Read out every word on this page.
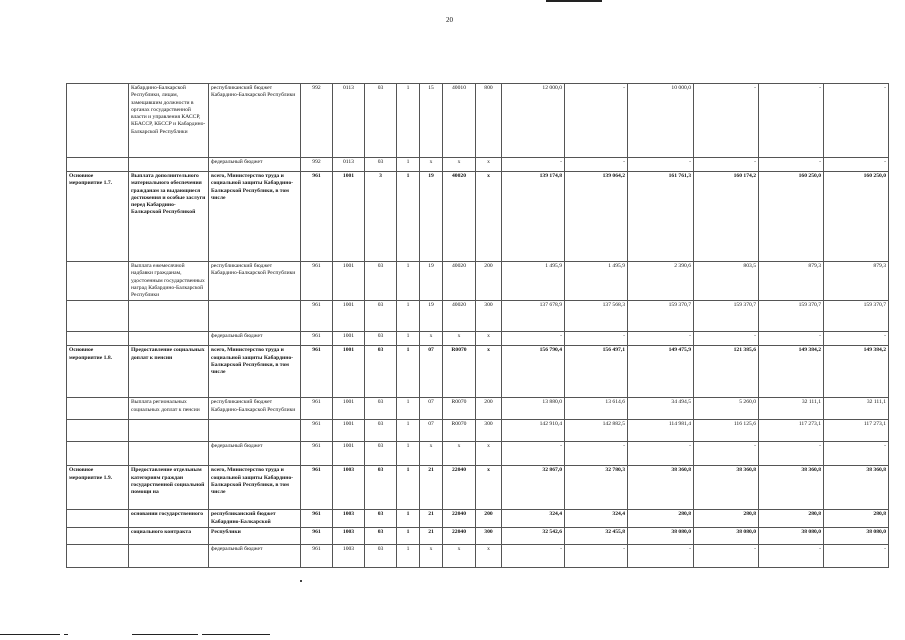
20
	Кабардино-Балкарской Республики, лицам, замещавшим должности в органах государственной власти и управления КАССР, КБАССР, КБССР и Кабардино-Балкарской Республики	республиканский бюджет Кабардино-Балкарской Республики	992	0113	03	1	15	40010	800	12 000,0	-	10 000,0	-	-	-
		федеральный бюджет	992	0113	03	1	х	х	х	-	-	-	-	-	-
Основное мероприятие 1.7.	Выплата дополнительного материального обеспечения гражданам за выдающиеся достижения и особые заслуги перед Кабардино-Балкарской Республикой	всего, Министерство труда и социальной защиты Кабардино-Балкарской Республики, в том числе	961	1001	3	1	19	40020	х	139 174,8	139 064,2	161 761,3	160 174,2	160 250,0	160 250,0
	Выплата ежемесячной надбавки гражданам, удостоенным государственных наград Кабардино-Балкарской Республики	республиканский бюджет Кабардино-Балкарской Республики	961	1001	03	1	19	40020	200	1 495,9	1 495,9	2 390,6	803,5	879,3	879,3
			961	1001	03	1	19	40020	300	137 678,9	137 568,3	159 370,7	159 370,7	159 370,7	159 370,7
		федеральный бюджет	961	1001	03	1	х	х	х	-	-	-	-	-	-
Основное мероприятие 1.8.	Предоставление социальных доплат к пенсии	всего, Министерство труда и социальной защиты Кабардино-Балкарской Республики, в том числе	961	1001	03	1	07	R0070	х	156 790,4	156 497,1	149 475,9	121 385,6	149 384,2	149 384,2
	Выплата региональных социальных доплат к пенсии	республиканский бюджет Кабардино-Балкарской Республики	961	1001	03	1	07	R0070	200	13 880,0	13 614,6	34 494,5	5 260,0	32 111,1	32 111,1
			961	1001	03	1	07	R0070	300	142 910,4	142 882,5	114 981,4	116 125,6	117 273,1	117 273,1
		федеральный бюджет	961	1001	03	1	х	х	х	-	-	-	-	-	-
Основное мероприятие 1.9.	Предоставление отдельным категориям граждан государственной социальной помощи на	всего, Министерство труда и социальной защиты Кабардино-Балкарской Республики, в том числе	961	1003	03	1	21	22040	х	32 867,0	32 780,3	38 360,8	38 360,8	38 360,8	38 360,8
	основании государственного	республиканский бюджет Кабардино-Балкарской	961	1003	03	1	21	22040	200	324,4	324,4	280,8	280,8	280,8	280,8
	социального контракта	Республики	961	1003	03	1	21	22040	300	32 542,6	32 455,8	38 080,0	38 080,0	38 080,0	38 080,0
		федеральный бюджет	961	1003	03	1	х	х	х	-	-	-	-	-	-
